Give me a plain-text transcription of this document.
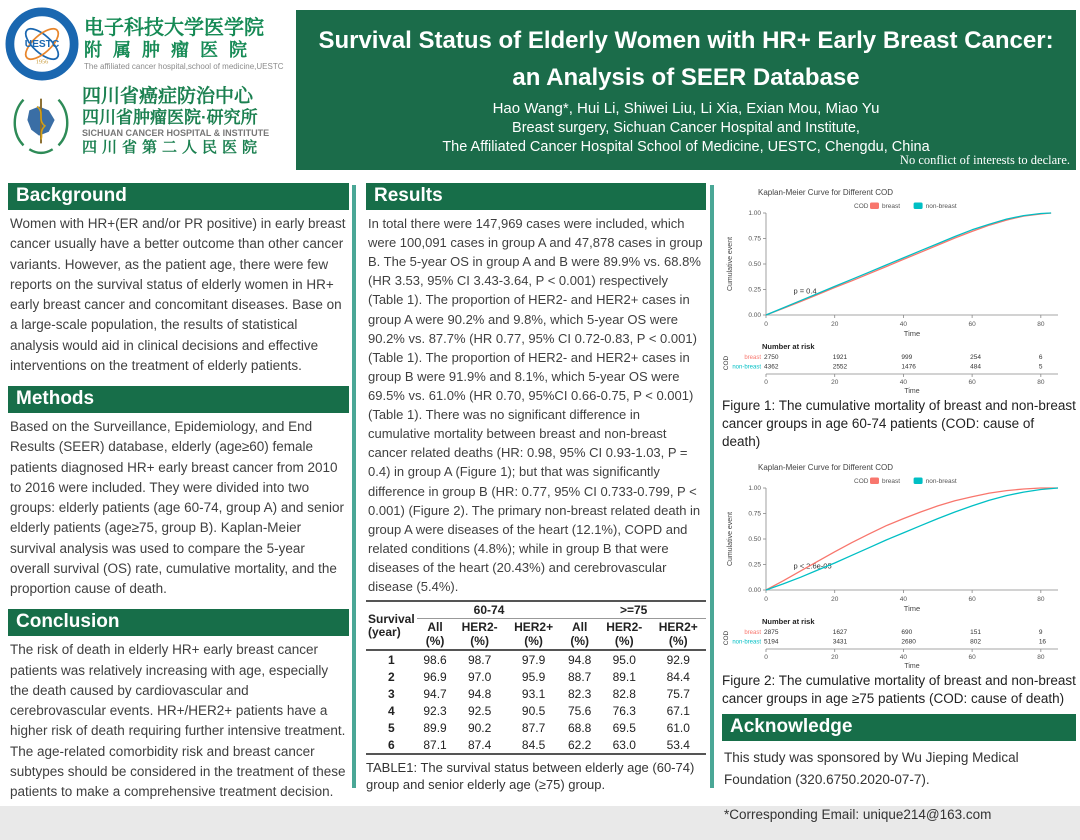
UESTC
1956
电子科技大学医学院
附属肿瘤医院
The affiliated cancer hospital,school of medicine,UESTC
四川省癌症防治中心
四川省肿瘤医院·研究所
SICHUAN CANCER HOSPITAL & INSTITUTE
四川省第二人民医院
Survival Status of Elderly Women with HR+ Early Breast Cancer:
an Analysis of SEER Database
Hao Wang*, Hui Li, Shiwei Liu, Li Xia, Exian Mou, Miao Yu
Breast surgery, Sichuan Cancer Hospital and Institute,
The Affiliated Cancer Hospital School of Medicine, UESTC, Chengdu, China
No conflict of interests to declare.
Background
Women with HR+(ER and/or PR positive) in early breast cancer usually have a better outcome than other cancer variants. However, as the patient age, there were few reports on the survival status of elderly women in HR+ early breast cancer and concomitant diseases. Base on a large-scale population, the results of statistical analysis would aid in clinical decisions and effective interventions on the treatment of elderly patients.
Methods
Based on the Surveillance, Epidemiology, and End Results (SEER) database, elderly (age≥60) female patients diagnosed HR+ early breast cancer from 2010 to 2016 were included. They were divided into two groups: elderly patients (age 60-74, group A) and senior elderly patients (age≥75, group B). Kaplan-Meier survival analysis was used to compare the 5-year overall survival (OS) rate, cumulative mortality, and the proportion cause of death.
Conclusion
The risk of death in elderly HR+ early breast cancer patients was relatively increasing with age, especially the death caused by cardiovascular and cerebrovascular events. HR+/HER2+ patients have a higher risk of death requiring further intensive treatment. The age-related comorbidity risk and breast cancer subtypes should be considered in the treatment of these patients to make a comprehensive treatment decision.
Results
In total there were 147,969 cases were included, which were 100,091 cases in group A and 47,878 cases in group B. The 5-year OS in group A and B were 89.9% vs. 68.8% (HR 3.53, 95% CI 3.43-3.64, P < 0.001) respectively (Table 1). The proportion of HER2- and HER2+ cases in group A were 90.2% and 9.8%, which 5-year OS were 90.2% vs. 87.7% (HR 0.77, 95% CI 0.72-0.83, P < 0.001) (Table 1). The proportion of HER2- and HER2+ cases in group B were 91.9% and 8.1%, which 5-year OS were 69.5% vs. 61.0% (HR 0.70, 95%CI 0.66-0.75, P < 0.001) (Table 1). There was no significant difference in cumulative mortality between breast and non-breast cancer related deaths (HR: 0.98, 95% CI 0.93-1.03, P = 0.4) in group A (Figure 1); but that was significantly difference in group B (HR: 0.77, 95% CI 0.733-0.799, P < 0.001) (Figure 2). The primary non-breast related death in group A were diseases of the heart (12.1%), COPD and related conditions (4.8%); while in group B that were diseases of the heart (20.43%) and cerebrovascular disease (5.4%).
Survival
(year)	60-74			>=75		
	All (%)	HER2-(%)	HER2+(%)	All (%)	HER2-(%)	HER2+(%)
1	98.6	98.7	97.9	94.8	95.0	92.9
2	96.9	97.0	95.9	88.7	89.1	84.4
3	94.7	94.8	93.1	82.3	82.8	75.7
4	92.3	92.5	90.5	75.6	76.3	67.1
5	89.9	90.2	87.7	68.8	69.5	61.0
6	87.1	87.4	84.5	62.2	63.0	53.4
TABLE1: The survival status between elderly age (60-74) group and senior elderly age (≥75) group.
Kaplan-Meier Curve for Different COD
COD breast	non-breast
0.00
0.25
0.50
0.75
1.00
0	20	40	60	80
Time
Cumulative event
p = 0.4
Number at risk
COD breast 2750	1921	999	254	6
non-breast 4362	2552	1476	484	5
0	20	40	60	80
Time
Figure 1: The cumulative mortality of breast and non-breast cancer groups in age 60-74 patients (COD: cause of death)
Kaplan-Meier Curve for Different COD
COD breast	non-breast
0.00
0.25
0.50
0.75
1.00
0	20	40	60	80
Time
Cumulative event
p < 2.6e-05
Number at risk
COD breast 2875	1627	690	151	9
non-breast 5194	3431	2680	802	16
0	20	40	60	80
Time
Figure 2: The cumulative mortality of breast and non-breast cancer groups in age ≥75 patients (COD: cause of death)
Acknowledge

This study was sponsored by Wu Jieping Medical Foundation (320.6750.2020-07-7).

*Corresponding Email: unique214@163.com
